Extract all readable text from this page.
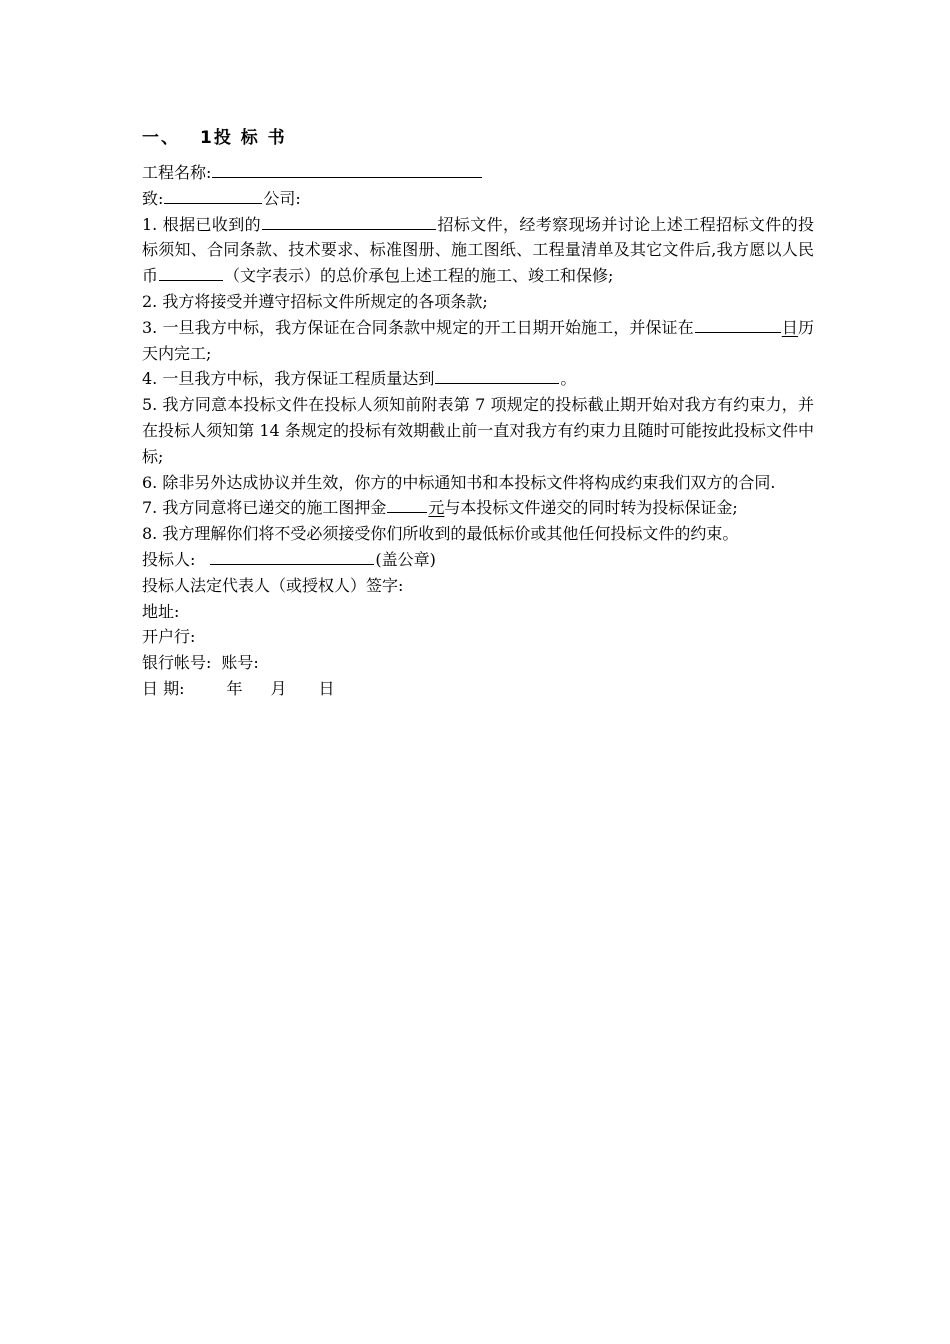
一、 1投 标 书
工程名称:
致:	公司:
1. 根据已收到的	招标文件，经考察现场并讨论上述工程招标文件的投标须知、合同条款、技术要求、标准图册、施工图纸、工程量清单及其它文件后,我方愿以人民币	（文字表示）的总价承包上述工程的施工、竣工和保修;
2. 我方将接受并遵守招标文件所规定的各项条款;
3. 一旦我方中标，我方保证在合同条款中规定的开工日期开始施工，并保证在	日历天内完工;
4. 一旦我方中标，我方保证工程质量达到	。
5. 我方同意本投标文件在投标人须知前附表第 7 项规定的投标截止期开始对我方有约束力，并在投标人须知第 14 条规定的投标有效期截止前一直对我方有约束力且随时可能按此投标文件中标;
6. 除非另外达成协议并生效，你方的中标通知书和本投标文件将构成约束我们双方的合同.
7. 我方同意将已递交的施工图押金	元与本投标文件递交的同时转为投标保证金;
8. 我方理解你们将不受必须接受你们所收到的最低标价或其他任何投标文件的约束。
投标人:	(盖公章)
投标人法定代表人（或授权人）签字:
地址:
开户行:
银行帐号: 账号:
日 期:	年 月 日
